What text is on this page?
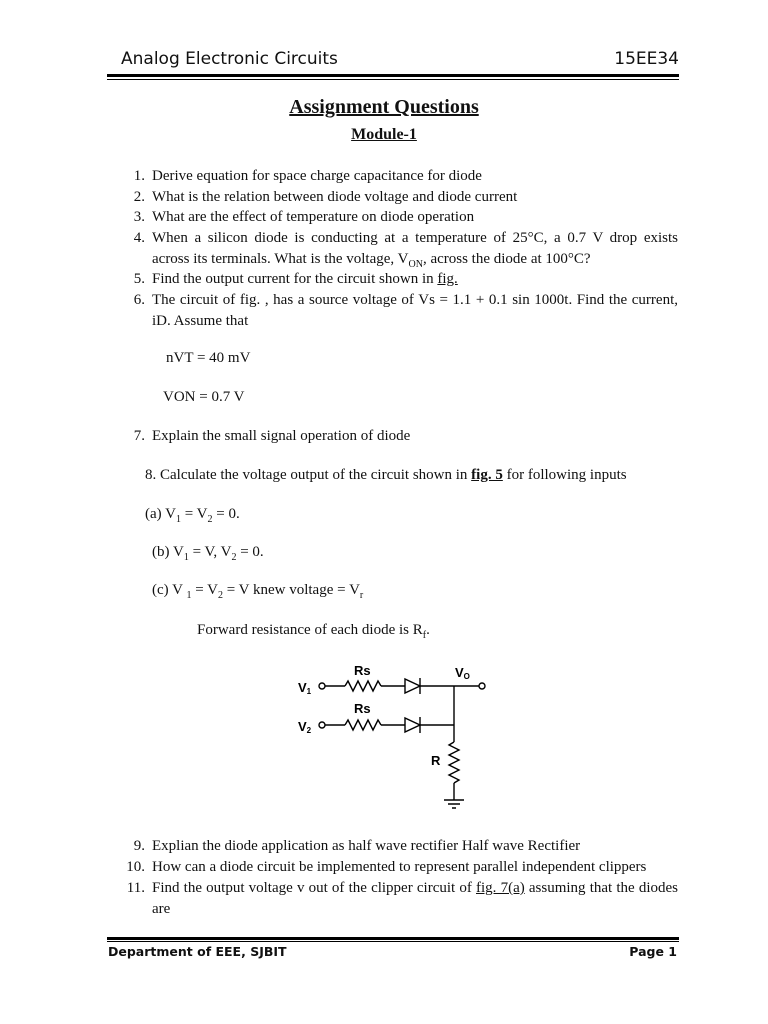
Analog Electronic Circuits	15EE34
Assignment Questions
Module-1
1. Derive equation for space charge capacitance for diode
2. What is the relation between diode voltage and diode current
3. What are the effect of temperature on diode operation
4. When a silicon diode is conducting at a temperature of 25°C, a 0.7 V drop exists
across its terminals. What is the voltage, $V_{ON}$, across the diode at 100°C?
5. Find the output current for the circuit shown in fig.
6. The circuit of fig. , has a source voltage of Vs = 1.1 + 0.1 sin 1000t. Find the current,
iD. Assume that
nVT = 40 mV
VON = 0.7 V
7. Explain the small signal operation of diode
8. Calculate the voltage output of the circuit shown in fig. 5 for following inputs
(a) $V_1 = V_2 = 0$.
(b) $V_1 = V$, $V_2 = 0$.
(c) V $_1 = V_2 = V$ knew voltage = $V_r$
Forward resistance of each diode is $R_f$.
Rs
Rs
V1
V2
VO
R
9. Explian the diode application as half wave rectifier Half wave Rectifier
10. How can a diode circuit be implemented to represent parallel independent clippers
11. Find the output voltage v out of the clipper circuit of fig. 7(a) assuming that the diodes
are
Department of EEE, SJBIT	Page 1
